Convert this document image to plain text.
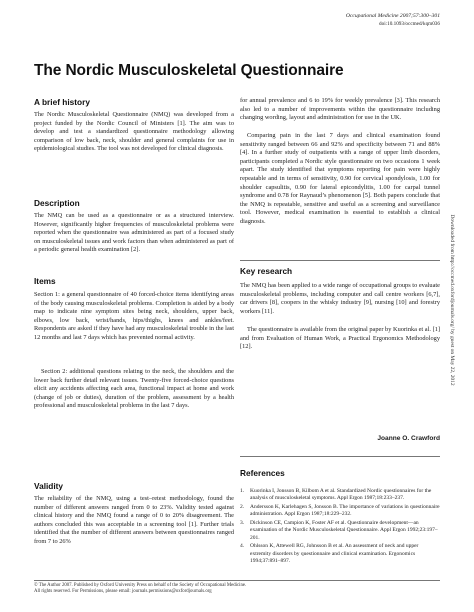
Occupational Medicine 2007;57:300–301
doi:10.1093/occmed/kqm036
The Nordic Musculoskeletal Questionnaire
A brief history

The Nordic Musculoskeletal Questionnaire (NMQ) was developed from a project funded by the Nordic Council of Ministers [1]. The aim was to develop and test a standardized questionnaire methodology allowing comparison of low back, neck, shoulder and general complaints for use in epidemiological studies. The tool was not developed for clinical diagnosis.

Description

The NMQ can be used as a questionnaire or as a structured interview. However, significantly higher frequencies of musculoskeletal problems were reported when the questionnaire was administered as part of a focused study on musculoskeletal issues and work factors than when administered as part of a periodic general health examination [2].

Items

Section 1: a general questionnaire of 40 forced-choice items identifying areas of the body causing musculoskeletal problems. Completion is aided by a body map to indicate nine symptom sites being neck, shoulders, upper back, elbows, low back, wrist/hands, hips/thighs, knees and ankles/feet. Respondents are asked if they have had any musculoskeletal trouble in the last 12 months and last 7 days which has prevented normal activity.

Section 2: additional questions relating to the neck, the shoulders and the lower back further detail relevant issues. Twenty-five forced-choice questions elicit any accidents affecting each area, functional impact at home and work (change of job or duties), duration of the problem, assessment by a health professional and musculoskeletal problems in the last 7 days.

Validity

The reliability of the NMQ, using a test–retest methodology, found the number of different answers ranged from 0 to 23%. Validity tested against clinical history and the NMQ found a range of 0 to 20% disagreement. The authors concluded this was acceptable in a screening tool [1]. Further trials identified that the number of different answers between questionnaires ranged from 7 to 26%

for annual prevalence and 6 to 19% for weekly prevalence [3]. This research also led to a number of improvements within the questionnaire including changing wording, layout and administration for use in the UK.

Comparing pain in the last 7 days and clinical examination found sensitivity ranged between 66 and 92% and specificity between 71 and 88% [4]. In a further study of outpatients with a range of upper limb disorders, participants completed a Nordic style questionnaire on two occasions 1 week apart. The study identified that symptoms reporting for pain were highly repeatable and in terms of sensitivity, 0.90 for cervical spondylosis, 1.00 for shoulder capsulitis, 0.90 for lateral epicondylitis, 1.00 for carpal tunnel syndrome and 0.78 for Raynaud’s phenomenon [5]. Both papers conclude that the NMQ is repeatable, sensitive and useful as a screening and surveillance tool. However, medical examination is essential to establish a clinical diagnosis.

Key research

The NMQ has been applied to a wide range of occupational groups to evaluate musculoskeletal problems, including computer and call centre workers [6,7], car drivers [8], coopers in the whisky industry [9], nursing [10] and forestry workers [11].

The questionnaire is available from the original paper by Kuorinka et al. [1] and from Evaluation of Human Work, a Practical Ergonomics Methodology [12].

Joanne O. Crawford

References
1. Kuorinka I, Jonsson B, Kilbom A et al. Standardized Nordic questionnaires for the analysis of musculoskeletal symptoms. Appl Ergon 1987;18:233–237.
2. Andersson K, Karlehagen S, Jonsson B. The importance of variations in questionnaire administration. Appl Ergon 1987;18:229–232.
3. Dickinson CE, Campion K, Foster AF et al. Questionnaire development—an examination of the Nordic Musculoskeletal Questionnaire. Appl Ergon 1992;23:197–201.
4. Ohlsson K, Attewell RG, Johnsson B et al. An assessment of neck and upper extremity disorders by questionnaire and clinical examination. Ergonomics 1994;37:891–897.
© The Author 2007. Published by Oxford University Press on behalf of the Society of Occupational Medicine.
All rights reserved. For Permissions, please email: journals.permissions@oxfordjournals.org
Downloaded from http://occmed.oxfordjournals.org/ by guest on May 22, 2012
